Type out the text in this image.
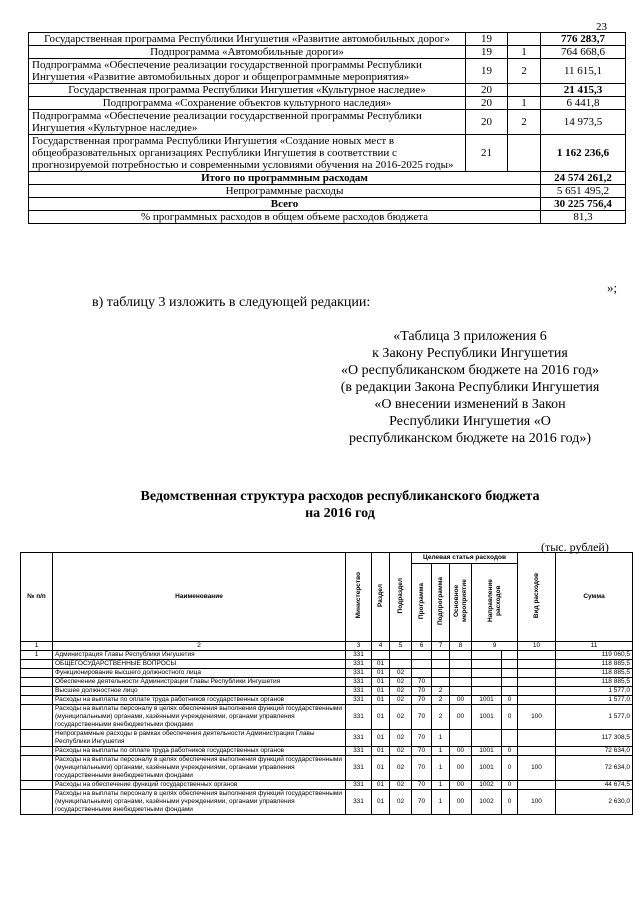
23
Государственная программа Республики Ингушетия «Развитие автомобильных дорог»	19		776 283,7
Подпрограмма «Автомобильные дороги»	19	1	764 668,6
Подпрограмма «Обеспечение реализации государственной программы Республики Ингушетия «Развитие автомобильных дорог и общепрограммные мероприятия»	19	2	11 615,1
Государственная программа Республики Ингушетия «Культурное наследие»	20		21 415,3
Подпрограмма «Сохранение объектов культурного наследия»	20	1	6 441,8
Подпрограмма «Обеспечение реализации государственной программы Республики Ингушетия «Культурное наследие»	20	2	14 973,5
Государственная программа Республики Ингушетия «Создание новых мест в общеобразовательных организациях Республики Ингушетия в соответствии с прогнозируемой потребностью и современными условиями обучения на 2016-2025 годы»	21		1 162 236,6
Итого по программным расходам			24 574 261,2
Непрограммные расходы			5 651 495,2
Всего			30 225 756,4
% программных расходов в общем объеме расходов бюджета			81,3
»;
в) таблицу 3 изложить в следующей редакции:
«Таблица 3 приложения 6
к Закону Республики Ингушетия
«О республиканском бюджете на 2016 год»
(в редакции Закона Республики Ингушетия
«О внесении изменений в Закон
Республики Ингушетия «О
республиканском бюджете на 2016 год»)
Ведомственная структура расходов республиканского бюджета
на 2016 год
(тыс. рублей)
№ п/п	Наименование	Министерство	Раздел	Подраздел	Целевая статья расходов					Вид расходов	Сумма
					Программа	Подпрограмма	Основное мероприятие	Направление расходов			
1	2	3	4	5	6	7	8	9		10	11
1	Администрация Главы Республики Ингушетия	331									119 060,5
	ОБЩЕГОСУДАРСТВЕННЫЕ ВОПРОСЫ	331	01								118 885,5
	Функционирование высшего должностного лица	331	01	02							118 885,5
	Обеспечение деятельности Администрации Главы Республики Ингушетия	331	01	02	70						118 885,5
	Высшее должностное лицо	331	01	02	70	2					1 577,0
	Расходы на выплаты по оплате труда работников государственных органов	331	01	02	70	2	00	1001	0		1 577,0
	Расходы на выплаты персоналу в целях обеспечения выполнения функций государственными (муниципальными) органами, казёнными учреждениями, органами управления государственными внебюджетными фондами	331	01	02	70	2	00	1001	0	100	1 577,0
	Непрограммные расходы в рамках обеспечения деятельности Администрации Главы Республики Ингушетия	331	01	02	70	1					117 308,5
	Расходы на выплаты по оплате труда работников государственных органов	331	01	02	70	1	00	1001	0		72 634,0
	Расходы на выплаты персоналу в целях обеспечения выполнения функций государственными (муниципальными) органами, казёнными учреждениями, органами управления государственными внебюджетными фондами	331	01	02	70	1	00	1001	0	100	72 634,0
	Расходы на обеспечение функций государственных органов	331	01	02	70	1	00	1002	0		44 674,5
	Расходы на выплаты персоналу в целях обеспечения выполнения функций государственными (муниципальными) органами, казёнными учреждениями, органами управления государственными внебюджетными фондами	331	01	02	70	1	00	1002	0	100	2 630,0
